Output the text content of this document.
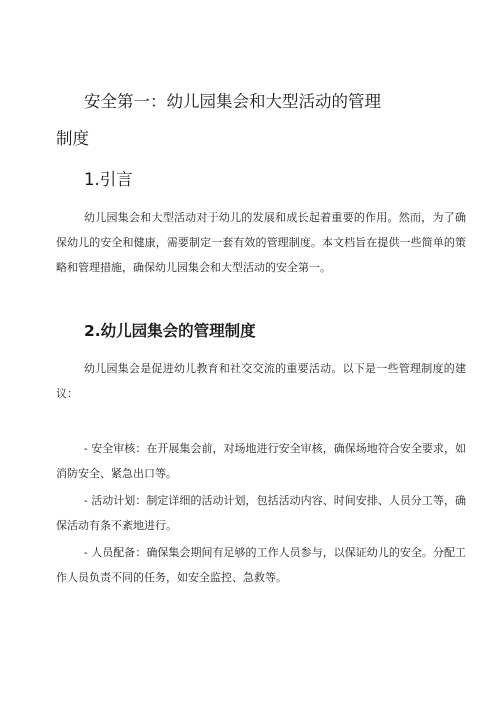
安全第一：幼儿园集会和大型活动的管理
制度
1.引言

幼儿园集会和大型活动对于幼儿的发展和成长起着重要的作用。然而，为了确保幼儿的安全和健康，需要制定一套有效的管理制度。本文档旨在提供一些简单的策略和管理措施，确保幼儿园集会和大型活动的安全第一。

2.幼儿园集会的管理制度

幼儿园集会是促进幼儿教育和社交交流的重要活动。以下是一些管理制度的建议：

- 安全审核：在开展集会前，对场地进行安全审核，确保场地符合安全要求，如消防安全、紧急出口等。

- 活动计划：制定详细的活动计划，包括活动内容、时间安排、人员分工等，确保活动有条不紊地进行。

- 人员配备：确保集会期间有足够的工作人员参与，以保证幼儿的安全。分配工作人员负责不同的任务，如安全监控、急救等。
